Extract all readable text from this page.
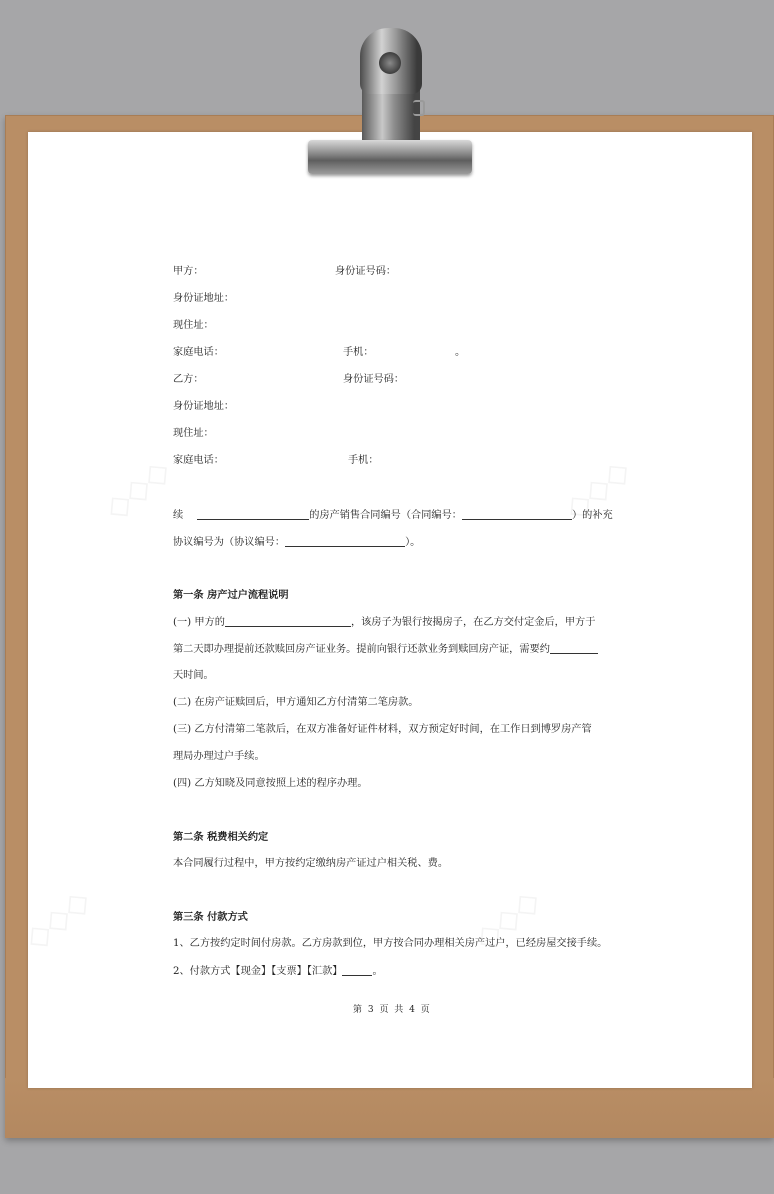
甲方：	身份证号码：
身份证地址：
现住址：
家庭电话：	手机：	。
乙方：	身份证号码：
身份证地址：
现住址：
家庭电话：	手机：
续	的房产销售合同编号（合同编号：	）的补充
协议编号为（协议编号：	）。
第一条 房产过户流程说明
(一) 甲方的	，该房子为银行按揭房子，在乙方交付定金后，甲方于
第二天即办理提前还款赎回房产证业务。提前向银行还款业务到赎回房产证，需要约
天时间。
(二) 在房产证赎回后，甲方通知乙方付清第二笔房款。
(三) 乙方付清第二笔款后，在双方准备好证件材料，双方预定好时间，在工作日到博罗房产管
理局办理过户手续。
(四) 乙方知晓及同意按照上述的程序办理。
第二条 税费相关约定
本合同履行过程中，甲方按约定缴纳房产证过户相关税、费。
第三条 付款方式
1、乙方按约定时间付房款。乙方房款到位，甲方按合同办理相关房产过户，已经房屋交接手续。
2、付款方式【现金】【支票】【汇款】	。
第 3 页 共 4 页
